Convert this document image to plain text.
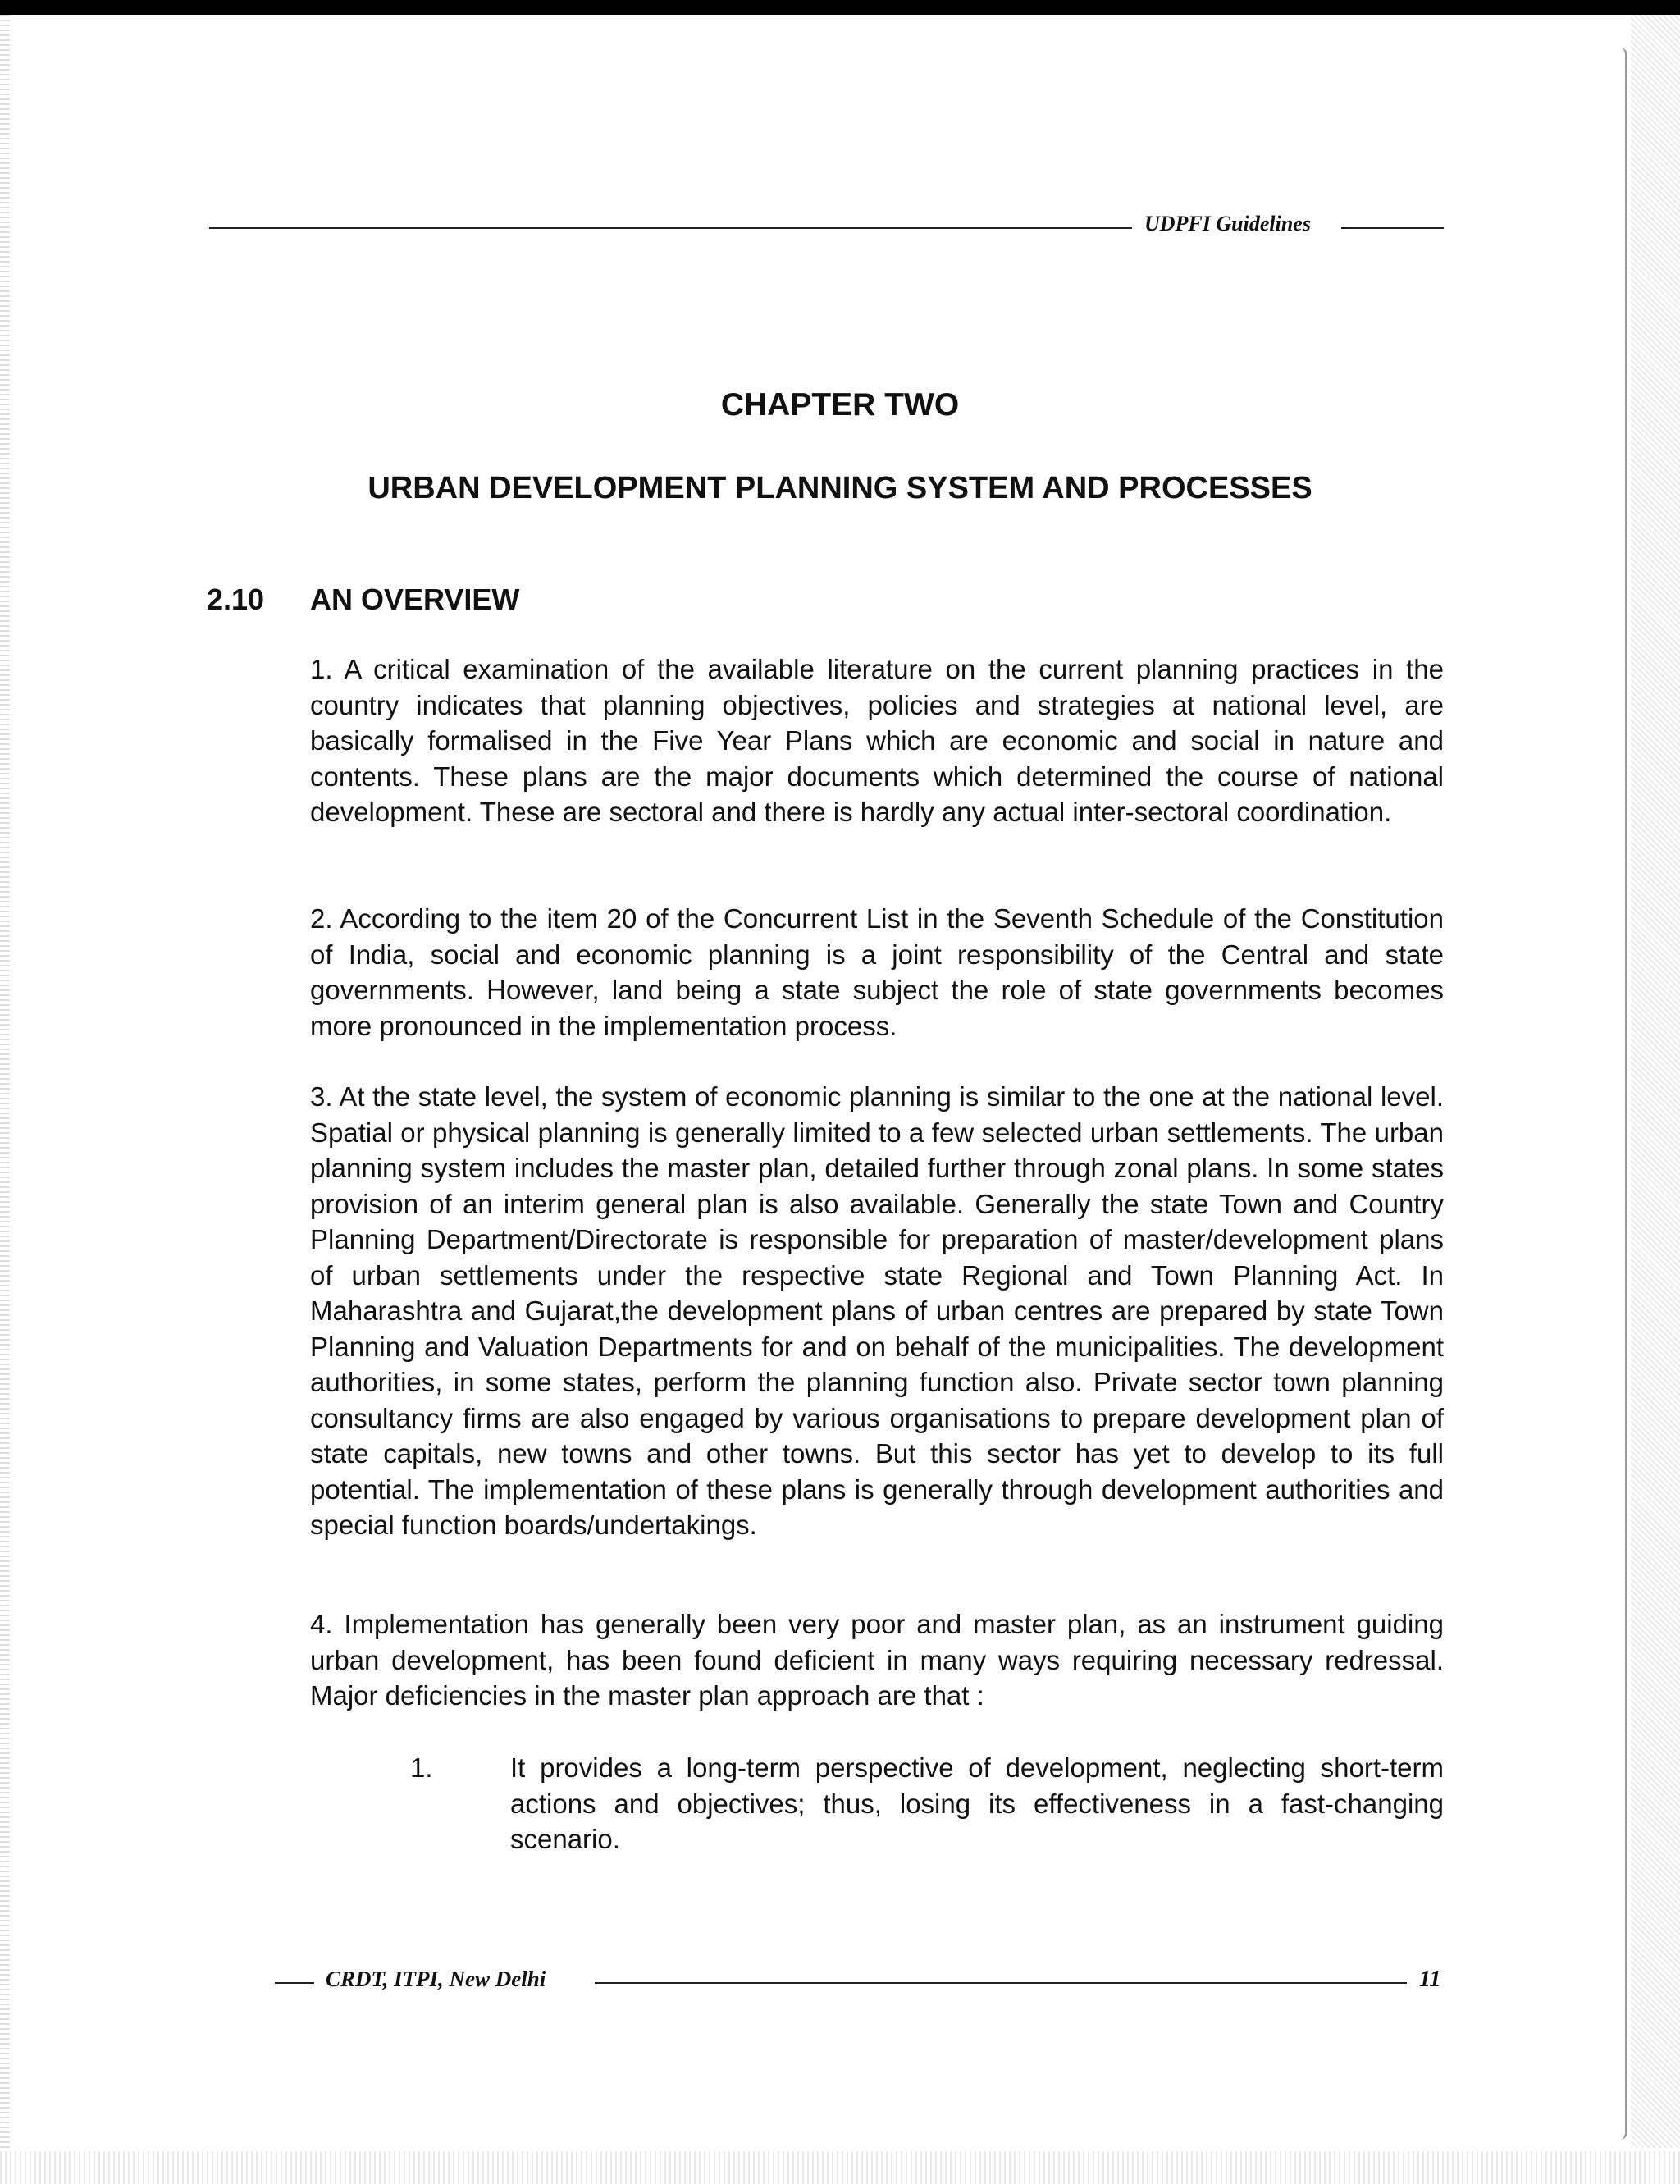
UDPFI Guidelines
CHAPTER TWO
URBAN DEVELOPMENT PLANNING SYSTEM AND PROCESSES
2.10 AN OVERVIEW

1. A critical examination of the available literature on the current planning practices in the country indicates that planning objectives, policies and strategies at national level, are basically formalised in the Five Year Plans which are economic and social in nature and contents. These plans are the major documents which determined the course of national development. These are sectoral and there is hardly any actual inter-sectoral coordination.

2. According to the item 20 of the Concurrent List in the Seventh Schedule of the Constitution of India, social and economic planning is a joint responsibility of the Central and state governments. However, land being a state subject the role of state governments becomes more pronounced in the implementation process.

3. At the state level, the system of economic planning is similar to the one at the national level. Spatial or physical planning is generally limited to a few selected urban settlements. The urban planning system includes the master plan, detailed further through zonal plans. In some states provision of an interim general plan is also available. Generally the state Town and Country Planning Department/Directorate is responsible for preparation of master/development plans of urban settlements under the respective state Regional and Town Planning Act. In Maharashtra and Gujarat,the development plans of urban centres are prepared by state Town Planning and Valuation Departments for and on behalf of the municipalities. The development authorities, in some states, perform the planning function also. Private sector town planning consultancy firms are also engaged by various organisations to prepare development plan of state capitals, new towns and other towns. But this sector has yet to develop to its full potential. The implementation of these plans is generally through development authorities and special function boards/undertakings.

4. Implementation has generally been very poor and master plan, as an instrument guiding urban development, has been found deficient in many ways requiring necessary redressal. Major deficiencies in the master plan approach are that :

1.	It provides a long-term perspective of development, neglecting short-term actions and objectives; thus, losing its effectiveness in a fast-changing scenario.
CRDT, ITPI, New Delhi	11
